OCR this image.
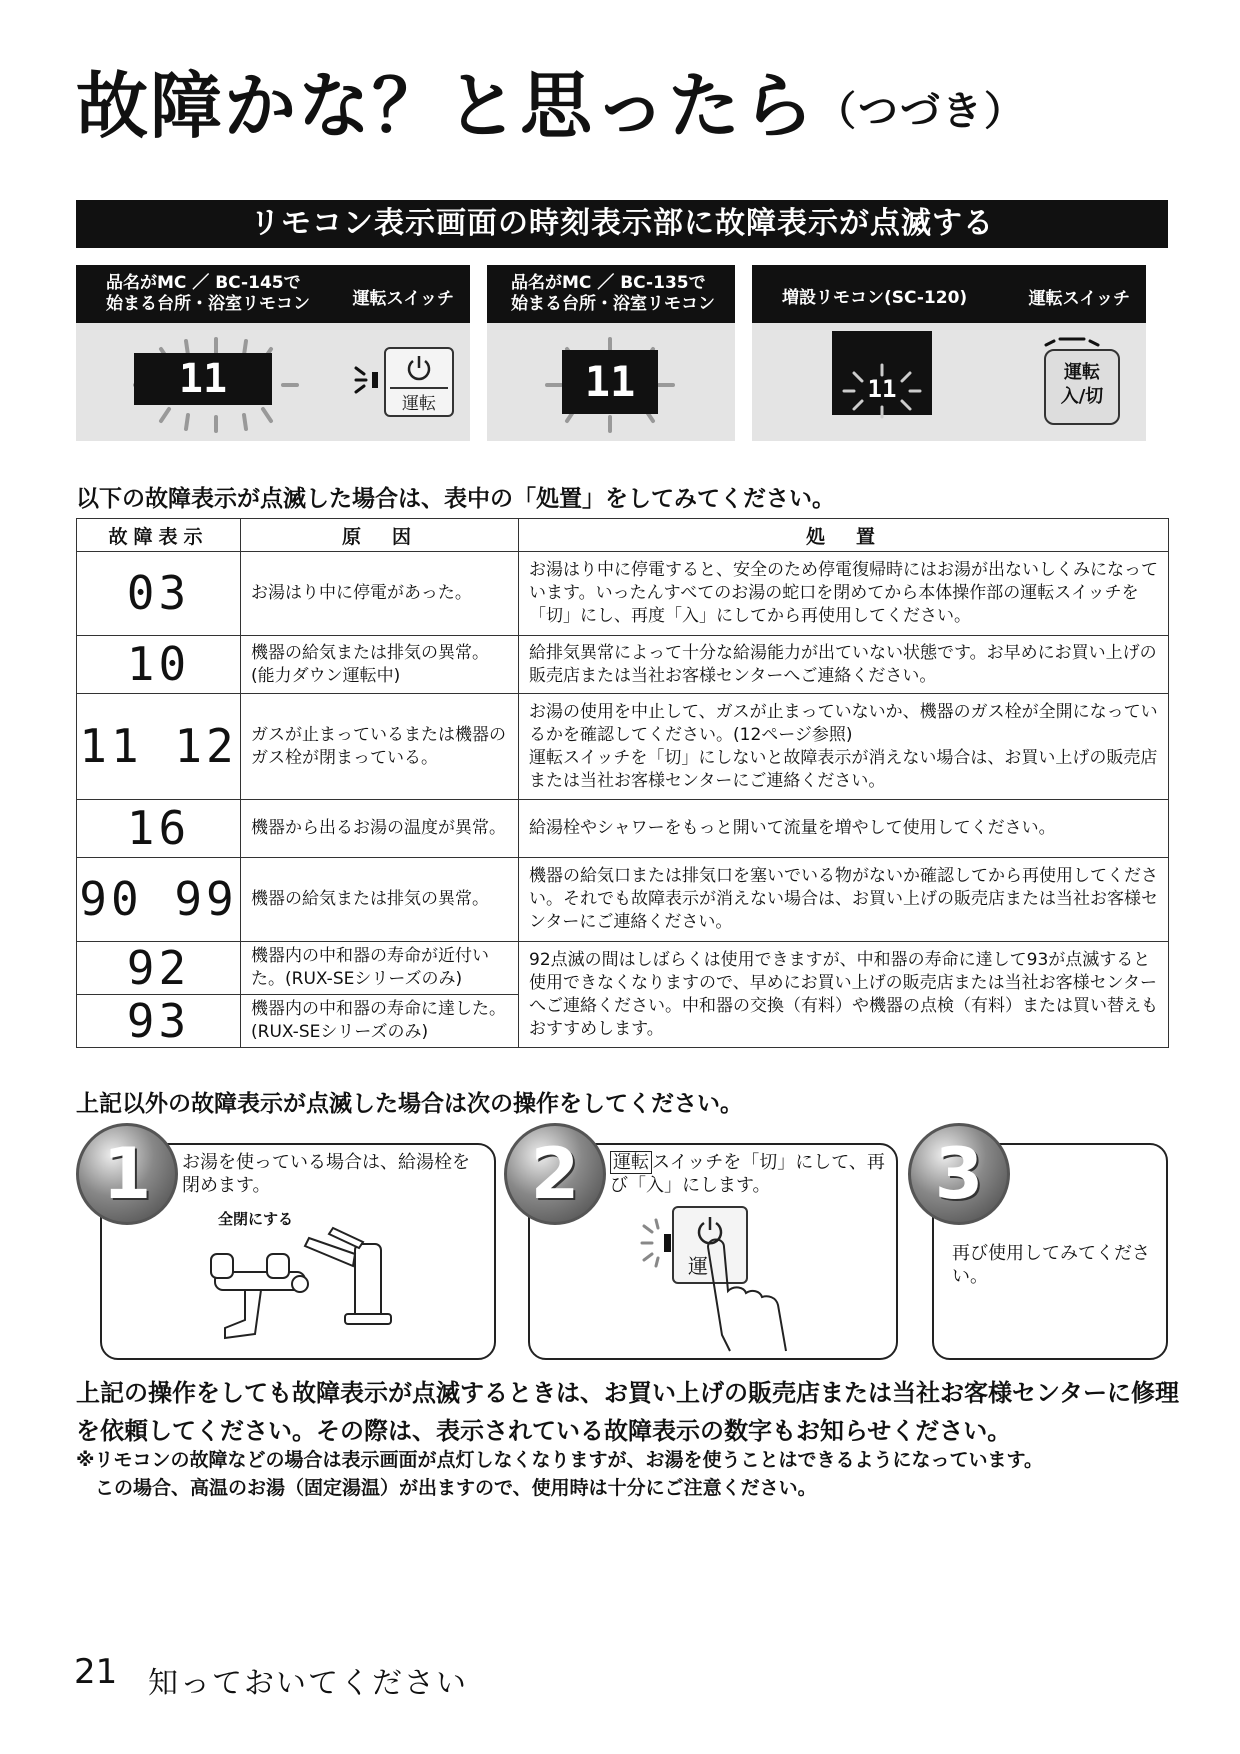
故障かな？と思ったら（つづき）
リモコン表示画面の時刻表示部に故障表示が点滅する
品名がMC ／ BC-145で
始まる台所・浴室リモコン	運転スイッチ
11
運転
品名がMC ／ BC-135で
始まる台所・浴室リモコン
11
増設リモコン(SC-120)	運転スイッチ
11
運転
入/切
以下の故障表示が点滅した場合は、表中の「処置」をしてみてください。
故障表示	原　因	処　置
03	お湯はり中に停電があった。	お湯はり中に停電すると、安全のため停電復帰時にはお湯が出ないしくみになっています。いったんすべてのお湯の蛇口を閉めてから本体操作部の運転スイッチを「切」にし、再度「入」にしてから再使用してください。
10	機器の給気または排気の異常。(能力ダウン運転中)	給排気異常によって十分な給湯能力が出ていない状態です。お早めにお買い上げの販売店または当社お客様センターへご連絡ください。
11 12	ガスが止まっているまたは機器のガス栓が閉まっている。	お湯の使用を中止して、ガスが止まっていないか、機器のガス栓が全開になっているかを確認してください。(12ページ参照)
運転スイッチを「切」にしないと故障表示が消えない場合は、お買い上げの販売店または当社お客様センターにご連絡ください。
16	機器から出るお湯の温度が異常。	給湯栓やシャワーをもっと開いて流量を増やして使用してください。
90 99	機器の給気または排気の異常。	機器の給気口または排気口を塞いでいる物がないか確認してから再使用してください。それでも故障表示が消えない場合は、お買い上げの販売店または当社お客様センターにご連絡ください。
92	機器内の中和器の寿命が近付いた。(RUX-SEシリーズのみ)	92点滅の間はしばらくは使用できますが、中和器の寿命に達して93が点滅すると使用できなくなりますので、早めにお買い上げの販売店または当社お客様センターへご連絡ください。中和器の交換（有料）や機器の点検（有料）または買い替えもおすすめします。
93	機器内の中和器の寿命に達した。(RUX-SEシリーズのみ)	
上記以外の故障表示が点滅した場合は次の操作をしてください。
1	お湯を使っている場合は、給湯栓を閉めます。
全閉にする
2	運転 スイッチを「切」にして、再び「入」にします。
運
3
再び使用してみてください。
上記の操作をしても故障表示が点滅するときは、お買い上げの販売店または当社お客様センターに修理を依頼してください。その際は、表示されている故障表示の数字もお知らせください。
※リモコンの故障などの場合は表示画面が点灯しなくなりますが、お湯を使うことはできるようになっています。
　この場合、高温のお湯（固定湯温）が出ますので、使用時は十分にご注意ください。
21 知っておいてください
